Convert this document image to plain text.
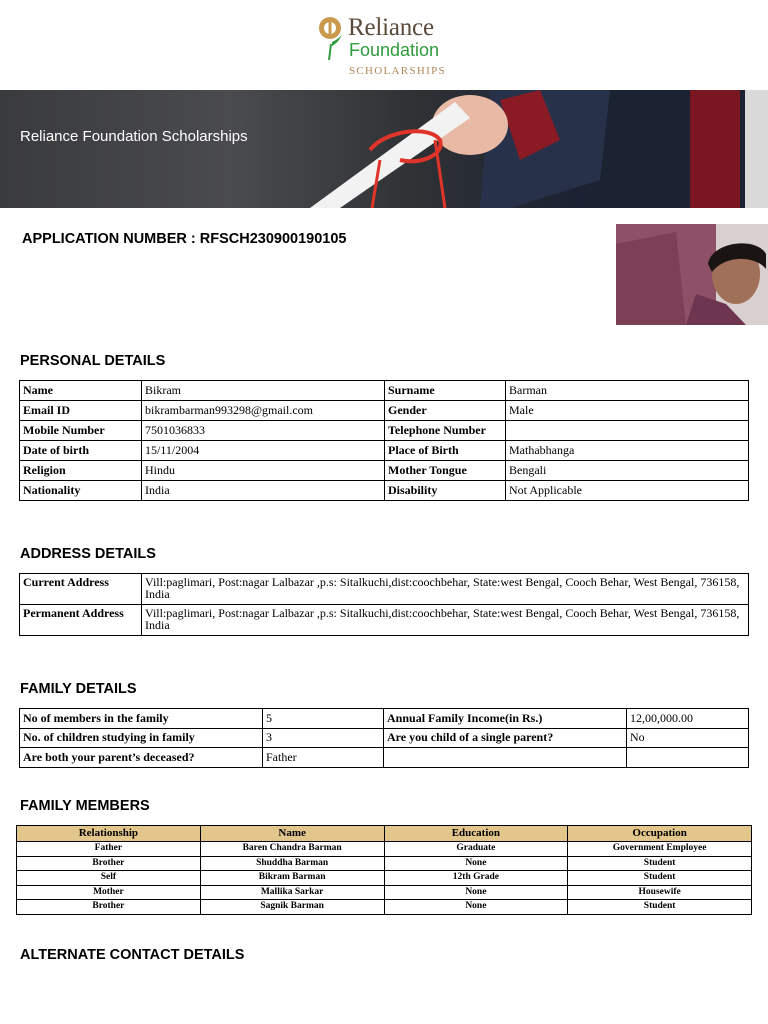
Reliance
Foundation
SCHOLARSHIPS
Reliance Foundation Scholarships
APPLICATION NUMBER : RFSCH230900190105
PERSONAL DETAILS
Name	Bikram	Surname	Barman
Email ID	bikrambarman993298@gmail.com	Gender	Male
Mobile Number	7501036833	Telephone Number	
Date of birth	15/11/2004	Place of Birth	Mathabhanga
Religion	Hindu	Mother Tongue	Bengali
Nationality	India	Disability	Not Applicable
ADDRESS DETAILS
Current Address	Vill:paglimari, Post:nagar Lalbazar ,p.s: Sitalkuchi,dist:coochbehar, State:west Bengal, Cooch Behar, West Bengal, 736158, India
Permanent Address	Vill:paglimari, Post:nagar Lalbazar ,p.s: Sitalkuchi,dist:coochbehar, State:west Bengal, Cooch Behar, West Bengal, 736158, India
FAMILY DETAILS
No of members in the family	5	Annual Family Income(in Rs.)	12,00,000.00
No. of children studying in family	3	Are you child of a single parent?	No
Are both your parent’s deceased?	Father		
FAMILY MEMBERS
Relationship	Name	Education	Occupation
Father	Baren Chandra Barman	Graduate	Government Employee
Brother	Shuddha Barman	None	Student
Self	Bikram Barman	12th Grade	Student
Mother	Mallika Sarkar	None	Housewife
Brother	Sagnik Barman	None	Student
ALTERNATE CONTACT DETAILS
